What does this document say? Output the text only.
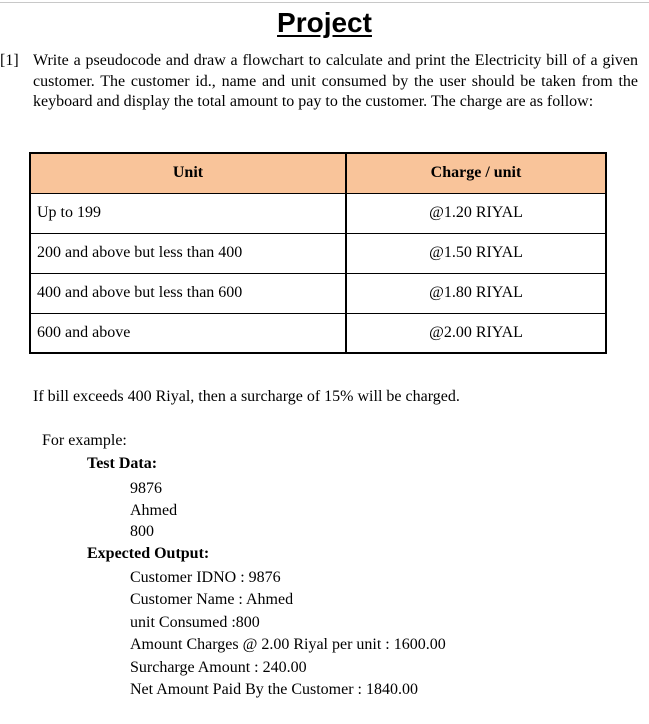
Project
[1] Write a pseudocode and draw a flowchart to calculate and print the Electricity bill of a given customer. The customer id., name and unit consumed by the user should be taken from the keyboard and display the total amount to pay to the customer. The charge are as follow:
Unit	Charge / unit
Up to 199	@1.20 RIYAL
200 and above but less than 400	@1.50 RIYAL
400 and above but less than 600	@1.80 RIYAL
600 and above	@2.00 RIYAL
If bill exceeds 400 Riyal, then a surcharge of 15% will be charged.
For example:
Test Data:
9876
Ahmed
800
Expected Output:
Customer IDNO : 9876
Customer Name : Ahmed
unit Consumed :800
Amount Charges @ 2.00 Riyal per unit : 1600.00
Surcharge Amount : 240.00
Net Amount Paid By the Customer : 1840.00
